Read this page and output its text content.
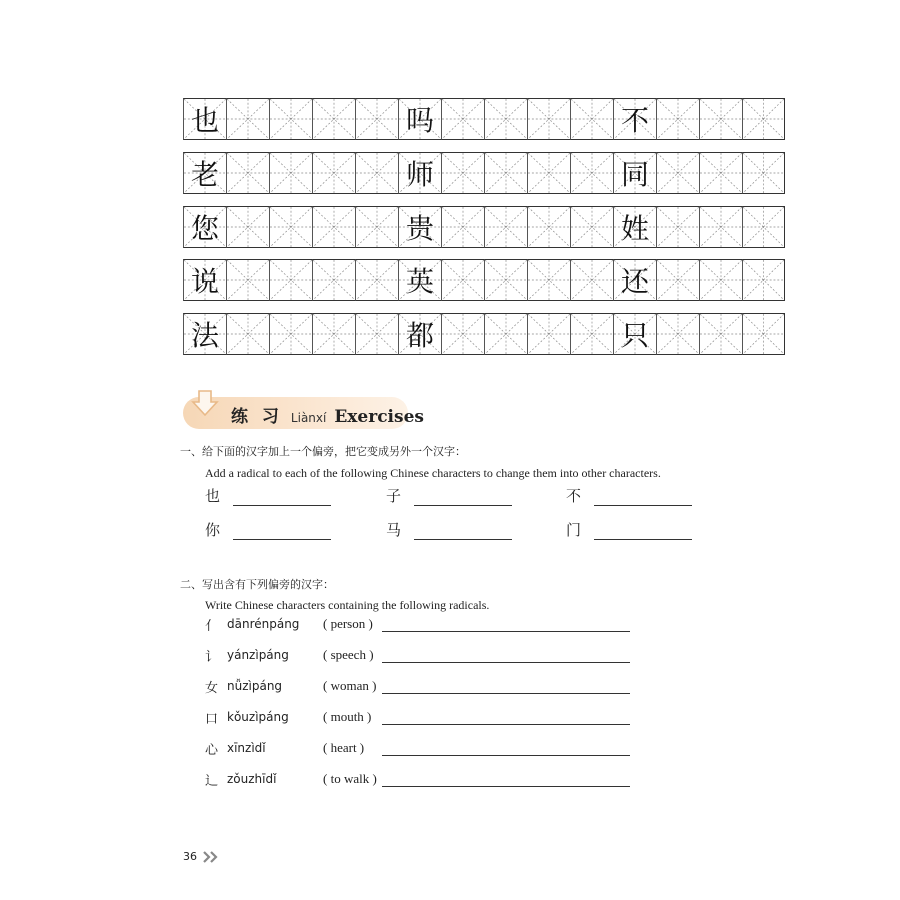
也	吗	不
老	师	同
您	贵	姓
说	英	还
法	都	只
练 习 Liànxí Exercises
一、给下面的汉字加上一个偏旁，把它变成另外一个汉字：
Add a radical to each of the following Chinese characters to change them into other characters.
也	子	不
你	马	门
二、写出含有下列偏旁的汉字：
Write Chinese characters containing the following radicals.
亻 dānrénpáng	( person )
讠 yánzìpáng	( speech )
女 nǚzìpáng	( woman )
口 kǒuzìpáng	( mouth )
心 xīnzìdǐ	( heart )
辶 zǒuzhīdǐ	( to walk )
36
